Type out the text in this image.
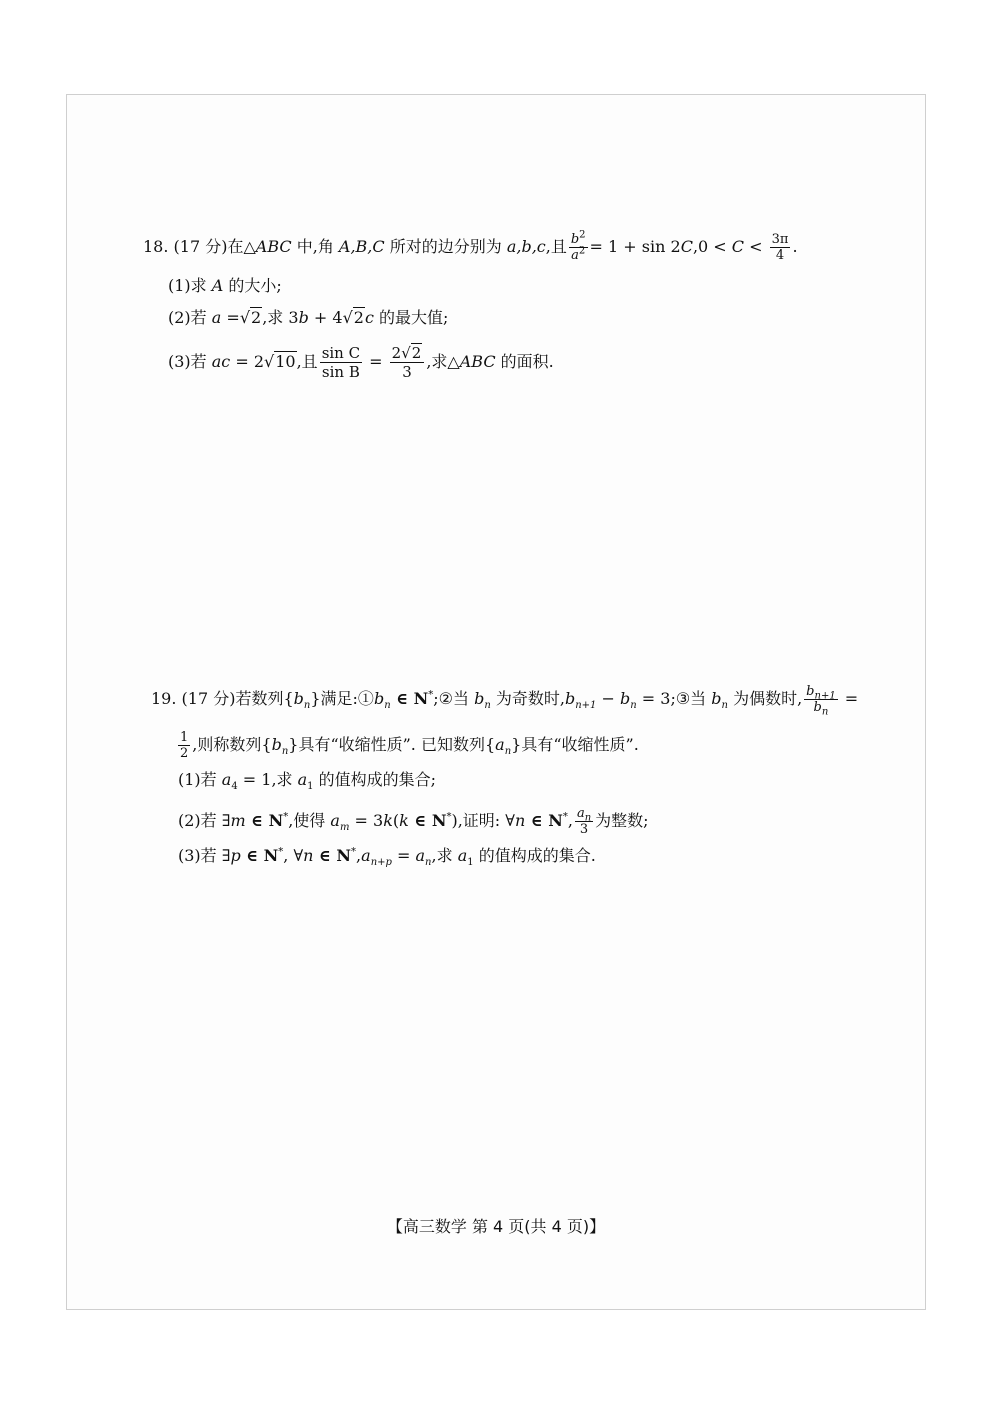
18. (17 分)在△ABC 中,角 A,B,C 所对的边分别为 a,b,c,且 $\frac{b^2}{a^2} = 1 + \sin 2C,0 < C < \frac{3\pi}{4}$ .
(1)求 A 的大小;
(2)若 a =√2,求 3b + 4√2c 的最大值;
(3)若 ac = 2√10,且 $\frac{\text{sin C}}{\text{sin B}} = \frac{2√2}{3}$ ,求△ABC 的面积.
19. (17 分)若数列$\{b_n\}$满足$:①b_n$ ∈ N*;②当 $b_n$ 为奇数时$,b_{n+1} - b_n$ = 3;③当 $b_n$ 为偶数时, $\frac{b_{n+1}}{b_n}$ =
$\frac{1}{2}$ ,则称数列$\{b_n\}$具有“收缩性质”. 已知数列$\{a_n\}$具有“收缩性质”.
(1)若 $a_4 = 1$,求 $a_1$ 的值构成的集合;
(2)若 ∃m ∈ N*,使得 $a_m = 3k(k$ ∈ N*),证明: ∀n ∈ N*, $\frac{a_n}{3}$ 为整数;
(3)若 ∃p ∈ N*, ∀n ∈ $N^*,a_{n+p} = a_n$,求 $a_1$ 的值构成的集合.
【高三数学 第 4 页(共 4 页)】
